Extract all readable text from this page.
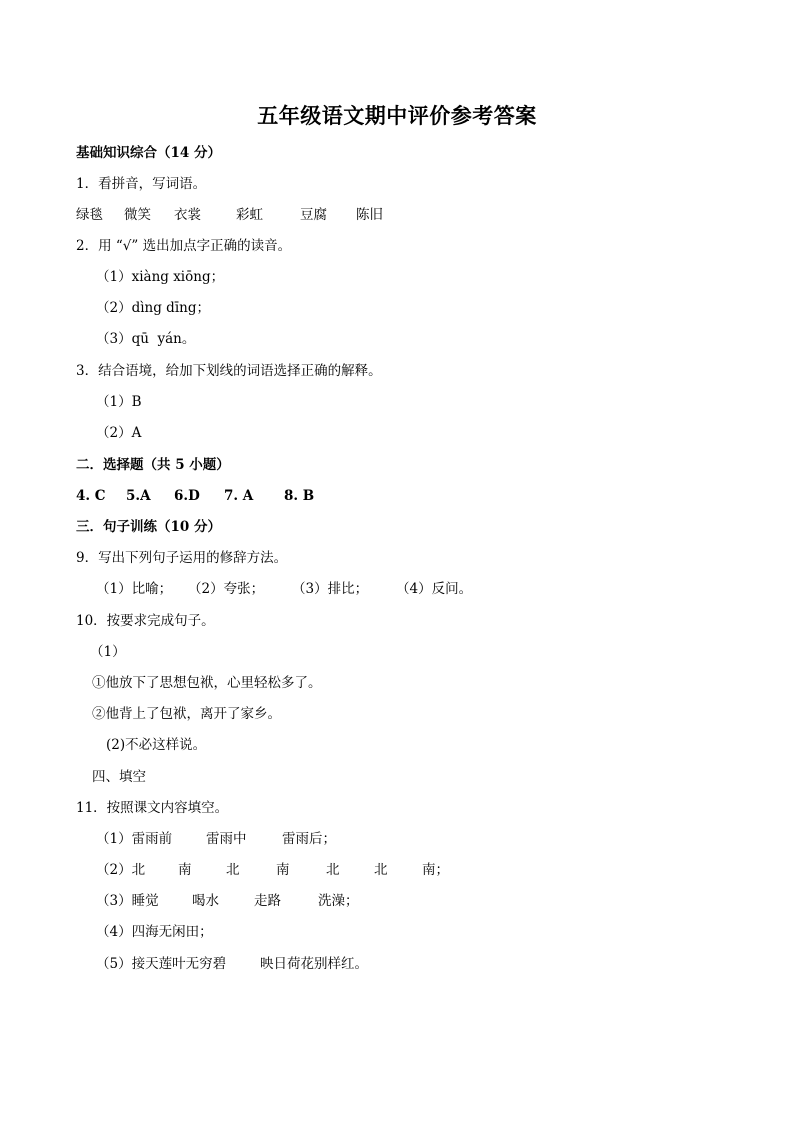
五年级语文期中评价参考答案
基础知识综合（14 分）
1．看拼音，写词语。
绿毯 微笑 衣裳	彩虹	豆腐 陈旧
2．用 “√” 选出加点字正确的读音。
（1）xiàng xiōng；
（2）dìng dīng；
（3）qū  yán。
3．结合语境，给加下划线的词语选择正确的解释。
（1）B
（2）A
二．选择题（共 5 小题）
4. C 5.A 6.D 7. A 8. B
三．句子训练（10 分）
9．写出下列句子运用的修辞方法。
（1）比喻； （2）夸张； （3）排比； （4）反问。
10．按要求完成句子。
（1）
①他放下了思想包袱，心里轻松多了。
②他背上了包袱，离开了家乡。
(2)不必这样说。
四、填空
11．按照课文内容填空。
（1）雷雨前	雷雨中	雷雨后；
（2）北 南	北	南	北	北	南；
（3）睡觉 喝水	走路	洗澡；
（4）四海无闲田；
（5）接天莲叶无穷碧	映日荷花别样红。
